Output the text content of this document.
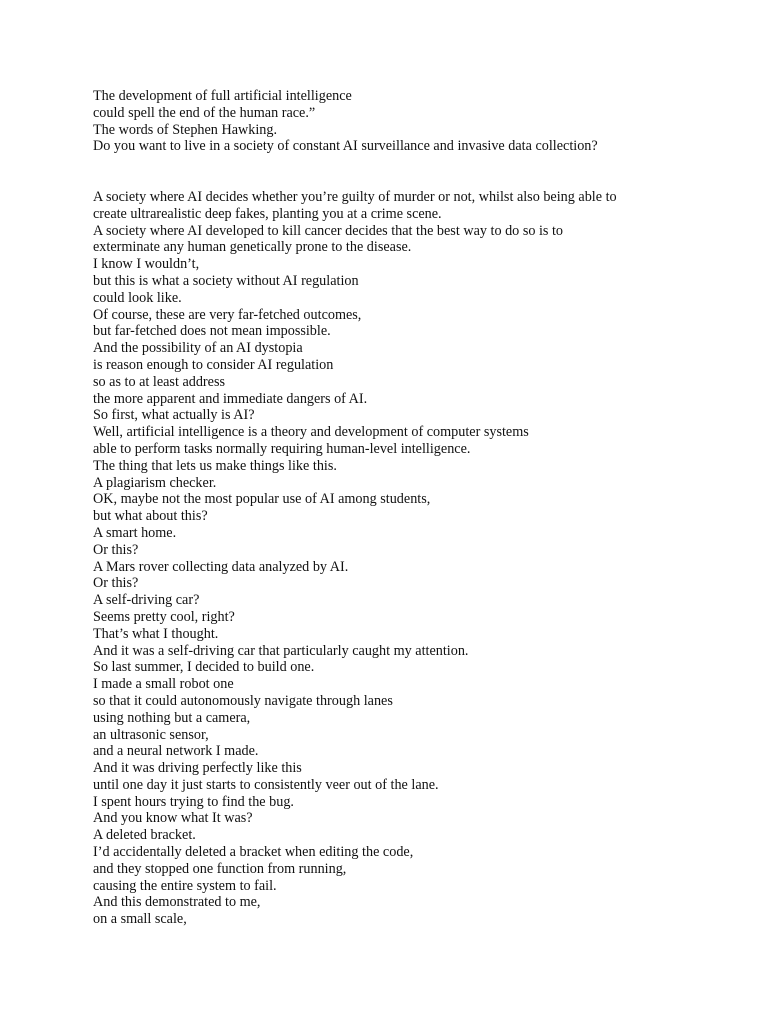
The development of full artificial intelligence
could spell the end of the human race.”
The words of Stephen Hawking.
Do you want to live in a society of constant AI surveillance and invasive data collection?
A society where AI decides whether you’re guilty of murder or not, whilst also being able to
create ultrarealistic deep fakes, planting you at a crime scene.
A society where AI developed to kill cancer decides that the best way to do so is to
exterminate any human genetically prone to the disease.
I know I wouldn’t,
but this is what a society without AI regulation
could look like.
Of course, these are very far-fetched outcomes,
but far-fetched does not mean impossible.
And the possibility of an AI dystopia
is reason enough to consider AI regulation
so as to at least address
the more apparent and immediate dangers of AI.
So first, what actually is AI?
Well, artificial intelligence is a theory and development of computer systems
able to perform tasks normally requiring human-level intelligence.
The thing that lets us make things like this.
A plagiarism checker.
OK, maybe not the most popular use of AI among students,
but what about this?
A smart home.
Or this?
A Mars rover collecting data analyzed by AI.
Or this?
A self-driving car?
Seems pretty cool, right?
That’s what I thought.
And it was a self-driving car that particularly caught my attention.
So last summer, I decided to build one.
I made a small robot one
so that it could autonomously navigate through lanes
using nothing but a camera,
an ultrasonic sensor,
and a neural network I made.
And it was driving perfectly like this
until one day it just starts to consistently veer out of the lane.
I spent hours trying to find the bug.
And you know what It was?
A deleted bracket.
I’d accidentally deleted a bracket when editing the code,
and they stopped one function from running,
causing the entire system to fail.
And this demonstrated to me,
on a small scale,
